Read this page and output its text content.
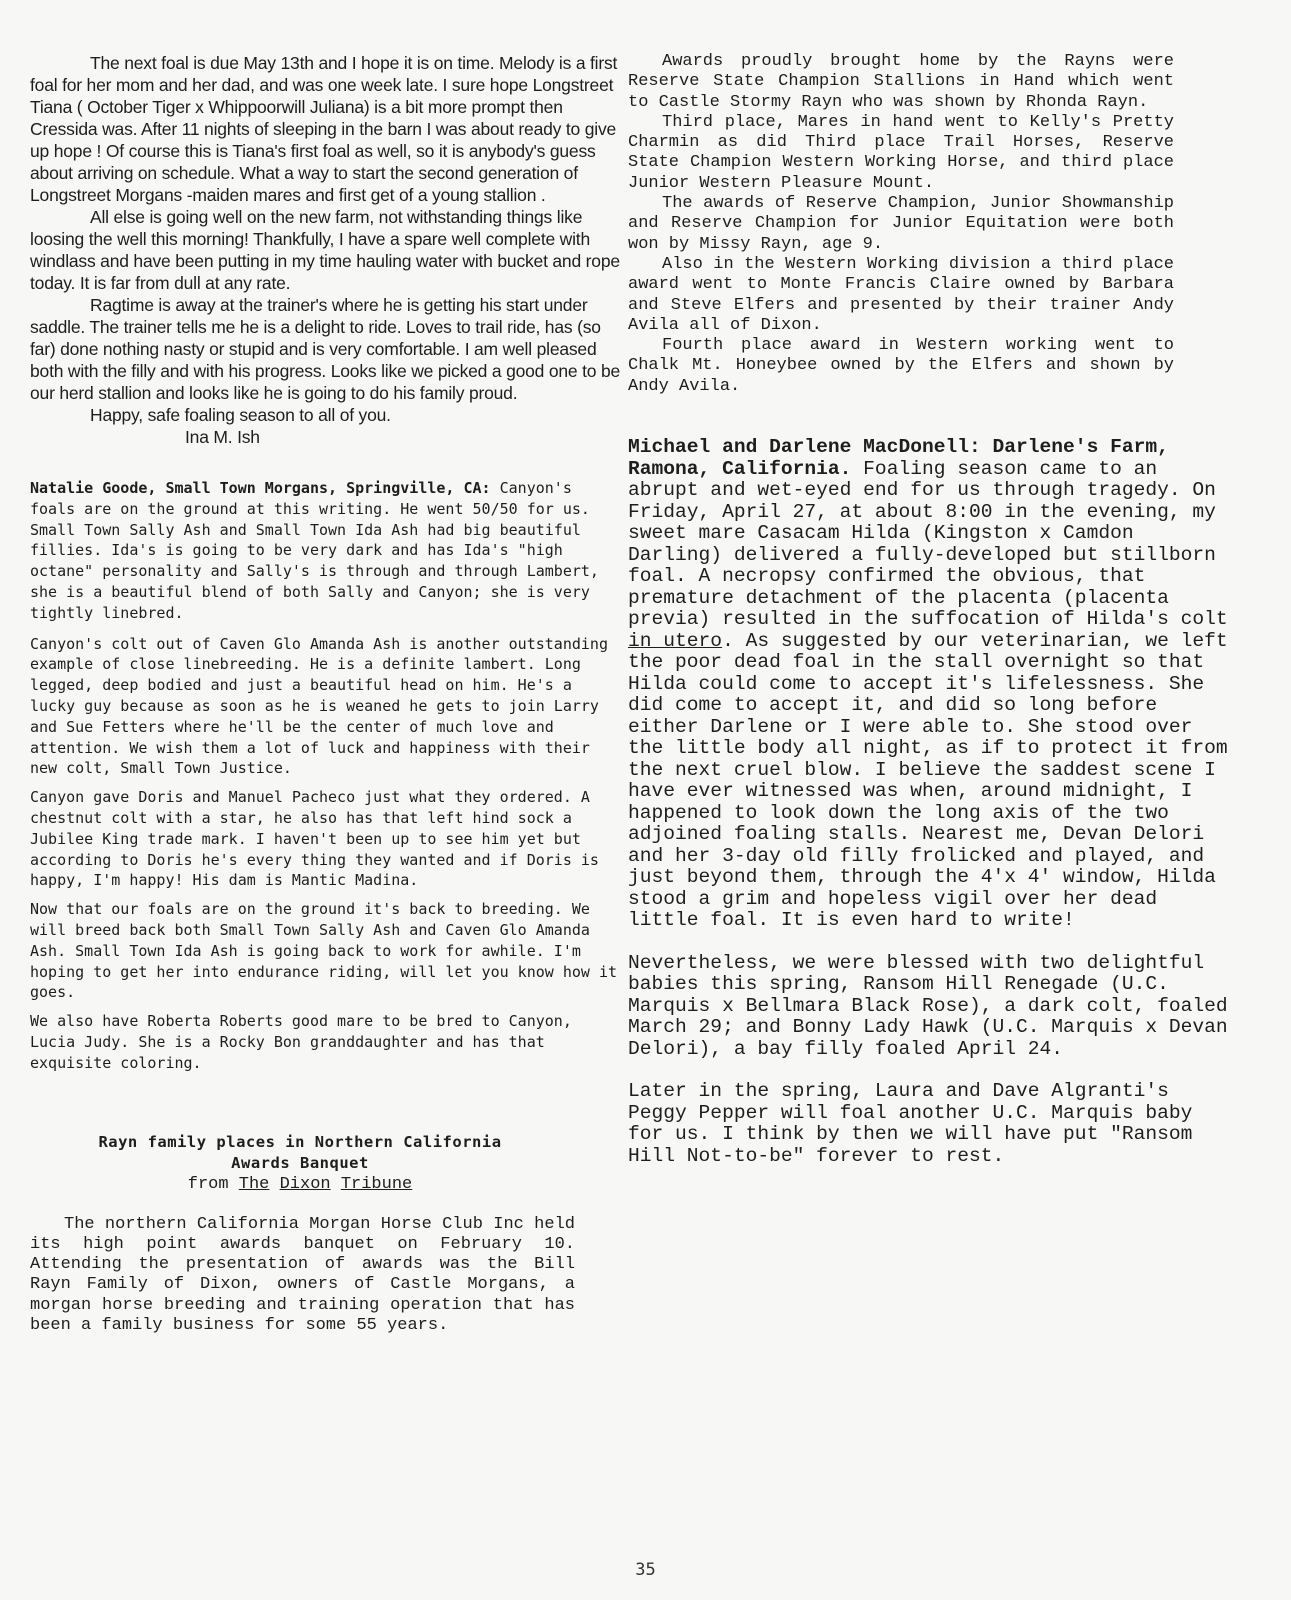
The next foal is due May 13th and I hope it is on time. Melody is a first foal for her mom and her dad, and was one week late. I sure hope Longstreet Tiana ( October Tiger x Whippoorwill Juliana) is a bit more prompt then Cressida was. After 11 nights of sleeping in the barn I was about ready to give up hope ! Of course this is Tiana's first foal as well, so it is anybody's guess about arriving on schedule. What a way to start the second generation of Longstreet Morgans -maiden mares and first get of a young stallion .

All else is going well on the new farm, not withstanding things like loosing the well this morning! Thankfully, I have a spare well complete with windlass and have been putting in my time hauling water with bucket and rope today. It is far from dull at any rate.

Ragtime is away at the trainer's where he is getting his start under saddle. The trainer tells me he is a delight to ride. Loves to trail ride, has (so far) done nothing nasty or stupid and is very comfortable. I am well pleased both with the filly and with his progress. Looks like we picked a good one to be our herd stallion and looks like he is going to do his family proud.

Happy, safe foaling season to all of you.

Ina M. Ish

Natalie Goode, Small Town Morgans, Springville, CA: Canyon's foals are on the ground at this writing. He went 50/50 for us. Small Town Sally Ash and Small Town Ida Ash had big beautiful fillies. Ida's is going to be very dark and has Ida's "high octane" personality and Sally's is through and through Lambert, she is a beautiful blend of both Sally and Canyon; she is very tightly linebred.

Canyon's colt out of Caven Glo Amanda Ash is another outstanding example of close linebreeding. He is a definite lambert. Long legged, deep bodied and just a beautiful head on him. He's a lucky guy because as soon as he is weaned he gets to join Larry and Sue Fetters where he'll be the center of much love and attention. We wish them a lot of luck and happiness with their new colt, Small Town Justice.

Canyon gave Doris and Manuel Pacheco just what they ordered. A chestnut colt with a star, he also has that left hind sock a Jubilee King trade mark. I haven't been up to see him yet but according to Doris he's every thing they wanted and if Doris is happy, I'm happy! His dam is Mantic Madina.

Now that our foals are on the ground it's back to breeding. We will breed back both Small Town Sally Ash and Caven Glo Amanda Ash. Small Town Ida Ash is going back to work for awhile. I'm hoping to get her into endurance riding, will let you know how it goes.

We also have Roberta Roberts good mare to be bred to Canyon, Lucia Judy. She is a Rocky Bon granddaughter and has that exquisite coloring.

Rayn family places in Northern California
Awards Banquet
from The Dixon Tribune

The northern California Morgan Horse Club Inc held its high point awards banquet on February 10. Attending the presentation of awards was the Bill Rayn Family of Dixon, owners of Castle Morgans, a morgan horse breeding and training operation that has been a family business for some 55 years.

Awards proudly brought home by the Rayns were Reserve State Champion Stallions in Hand which went to Castle Stormy Rayn who was shown by Rhonda Rayn.

Third place, Mares in hand went to Kelly's Pretty Charmin as did Third place Trail Horses, Reserve State Champion Western Working Horse, and third place Junior Western Pleasure Mount.

The awards of Reserve Champion, Junior Showmanship and Reserve Champion for Junior Equitation were both won by Missy Rayn, age 9.

Also in the Western Working division a third place award went to Monte Francis Claire owned by Barbara and Steve Elfers and presented by their trainer Andy Avila all of Dixon.

Fourth place award in Western working went to Chalk Mt. Honeybee owned by the Elfers and shown by Andy Avila.

Michael and Darlene MacDonell: Darlene's Farm, Ramona, California. Foaling season came to an abrupt and wet-eyed end for us through tragedy. On Friday, April 27, at about 8:00 in the evening, my sweet mare Casacam Hilda (Kingston x Camdon Darling) delivered a fully-developed but stillborn foal. A necropsy confirmed the obvious, that premature detachment of the placenta (placenta previa) resulted in the suffocation of Hilda's colt in utero. As suggested by our veterinarian, we left the poor dead foal in the stall overnight so that Hilda could come to accept it's lifelessness. She did come to accept it, and did so long before either Darlene or I were able to. She stood over the little body all night, as if to protect it from the next cruel blow. I believe the saddest scene I have ever witnessed was when, around midnight, I happened to look down the long axis of the two adjoined foaling stalls. Nearest me, Devan Delori and her 3-day old filly frolicked and played, and just beyond them, through the 4'x 4' window, Hilda stood a grim and hopeless vigil over her dead little foal. It is even hard to write!

Nevertheless, we were blessed with two delightful babies this spring, Ransom Hill Renegade (U.C. Marquis x Bellmara Black Rose), a dark colt, foaled March 29; and Bonny Lady Hawk (U.C. Marquis x Devan Delori), a bay filly foaled April 24.

Later in the spring, Laura and Dave Algranti's Peggy Pepper will foal another U.C. Marquis baby for us. I think by then we will have put "Ransom Hill Not-to-be" forever to rest.

35
